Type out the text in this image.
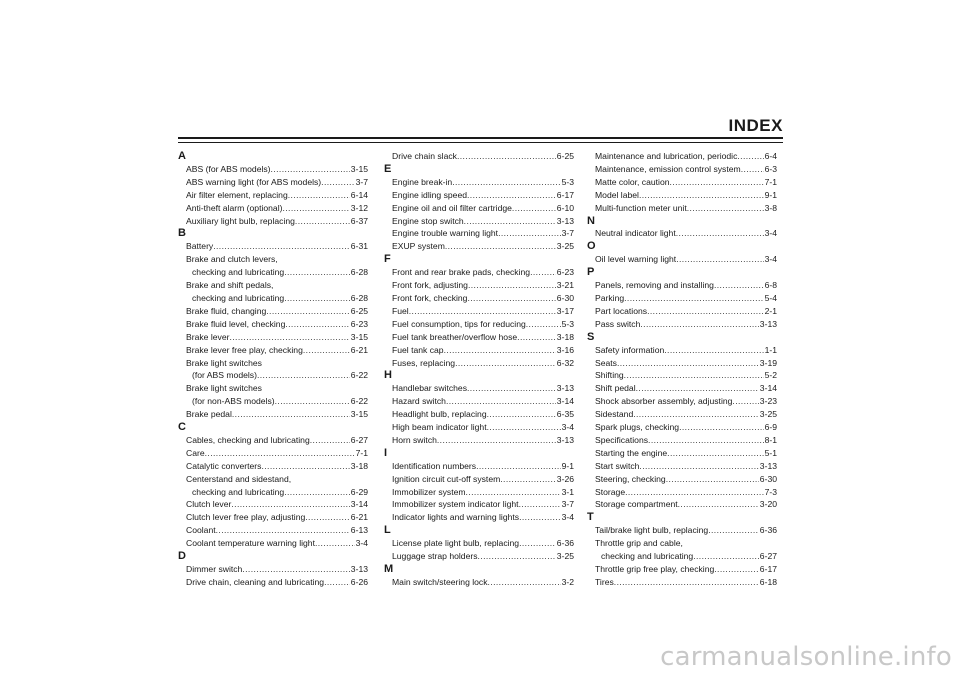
INDEX
A
ABS (for ABS models) .....	3-15
ABS warning light (for ABS models) .....	3-7
Air filter element, replacing .....	6-14
Anti-theft alarm (optional) .....	3-12
Auxiliary light bulb, replacing .....	6-37
B
Battery .....	6-31
Brake and clutch levers,
checking and lubricating .....	6-28
Brake and shift pedals,
checking and lubricating .....	6-28
Brake fluid, changing .....	6-25
Brake fluid level, checking .....	6-23
Brake lever .....	3-15
Brake lever free play, checking .....	6-21
Brake light switches
(for ABS models) .....	6-22
Brake light switches
(for non-ABS models) .....	6-22
Brake pedal .....	3-15
C
Cables, checking and lubricating .....	6-27
Care .....	7-1
Catalytic converters .....	3-18
Centerstand and sidestand,
checking and lubricating .....	6-29
Clutch lever .....	3-14
Clutch lever free play, adjusting .....	6-21
Coolant .....	6-13
Coolant temperature warning light .....	3-4
D
Dimmer switch .....	3-13
Drive chain, cleaning and lubricating .....	6-26
Drive chain slack .....	6-25
E
Engine break-in .....	5-3
Engine idling speed .....	6-17
Engine oil and oil filter cartridge .....	6-10
Engine stop switch .....	3-13
Engine trouble warning light .....	3-7
EXUP system .....	3-25
F
Front and rear brake pads, checking .....	6-23
Front fork, adjusting .....	3-21
Front fork, checking .....	6-30
Fuel .....	3-17
Fuel consumption, tips for reducing .....	5-3
Fuel tank breather/overflow hose .....	3-18
Fuel tank cap .....	3-16
Fuses, replacing .....	6-32
H
Handlebar switches .....	3-13
Hazard switch .....	3-14
Headlight bulb, replacing .....	6-35
High beam indicator light .....	3-4
Horn switch .....	3-13
I
Identification numbers .....	9-1
Ignition circuit cut-off system .....	3-26
Immobilizer system .....	3-1
Immobilizer system indicator light .....	3-7
Indicator lights and warning lights .....	3-4
L
License plate light bulb, replacing .....	6-36
Luggage strap holders .....	3-25
M
Main switch/steering lock .....	3-2
Maintenance and lubrication, periodic .....	6-4
Maintenance, emission control system .....	6-3
Matte color, caution .....	7-1
Model label .....	9-1
Multi-function meter unit .....	3-8
N
Neutral indicator light .....	3-4
O
Oil level warning light .....	3-4
P
Panels, removing and installing .....	6-8
Parking .....	5-4
Part locations .....	2-1
Pass switch .....	3-13
S
Safety information .....	1-1
Seats .....	3-19
Shifting .....	5-2
Shift pedal .....	3-14
Shock absorber assembly, adjusting .....	3-23
Sidestand .....	3-25
Spark plugs, checking .....	6-9
Specifications .....	8-1
Starting the engine .....	5-1
Start switch .....	3-13
Steering, checking .....	6-30
Storage .....	7-3
Storage compartment .....	3-20
T
Tail/brake light bulb, replacing .....	6-36
Throttle grip and cable,
checking and lubricating .....	6-27
Throttle grip free play, checking .....	6-17
Tires .....	6-18
carmanualsonline.info
